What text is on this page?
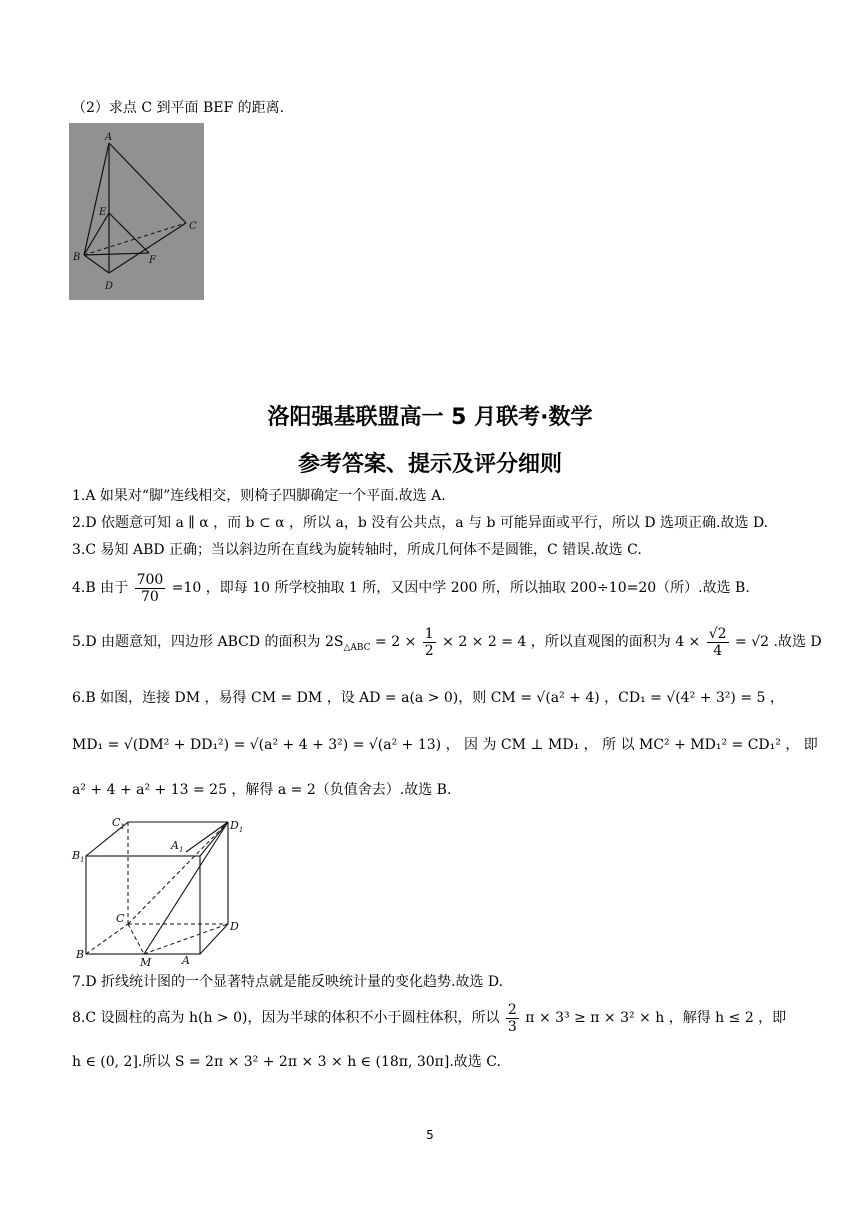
（2）求点 C 到平面 BEF 的距离.
A
E
C
B	F
D
洛阳强基联盟高一 5 月联考·数学
参考答案、提示及评分细则
1.A 如果对“脚”连线相交，则椅子四脚确定一个平面.故选 A.
2.D 依题意可知 a ∥ α ，而 b ⊂ α ，所以 a，b 没有公共点，a 与 b 可能异面或平行，所以 D 选项正确.故选 D.
3.C 易知 ABD 正确；当以斜边所在直线为旋转轴时，所成几何体不是圆锥，C 错误.故选 C.
4.B 由于 $\frac{700}{70} =10$ ，即每 10 所学校抽取 1 所，又因中学 200 所，所以抽取 200÷10=20（所）.故选 B.
5.D 由题意知，四边形 ABCD 的面积为 $2S_{\triangle ABC} = 2 \times \frac{1}{2} \times 2 \times 2 = 4$ ，所以直观图的面积为 $4 \times \frac{√2}{4} = √2$ .故选 D
6.B 如图，连接 DM ，易得 CM = DM ，设 AD = a(a > 0)，则 CM = √(a² + 4) ，CD₁ = √(4² + 3²) = 5 ，
MD₁ = √(DM² + DD₁²) = √(a² + 4 + 3²) = √(a² + 13) ， 因 为 CM ⊥ MD₁ ， 所 以 MC² + MD₁² = CD₁² ， 即
a² + 4 + a² + 13 = 25 ，解得 a = 2（负值舍去）.故选 B.
$C_1$
$B_1$
$A_1$
$D_1$
C
B
M	A
D
7.D 折线统计图的一个显著特点就是能反映统计量的变化趋势.故选 D.
8.C 设圆柱的高为 h(h > 0)，因为半球的体积不小于圆柱体积，所以 $\frac{2}{3}$ π × 3³ ≥ π × 3² × h ，解得 h ≤ 2 ，即
h ∈ (0, 2].所以 S = 2π × 3² + 2π × 3 × h ∈ (18π, 30π].故选 C.
5
